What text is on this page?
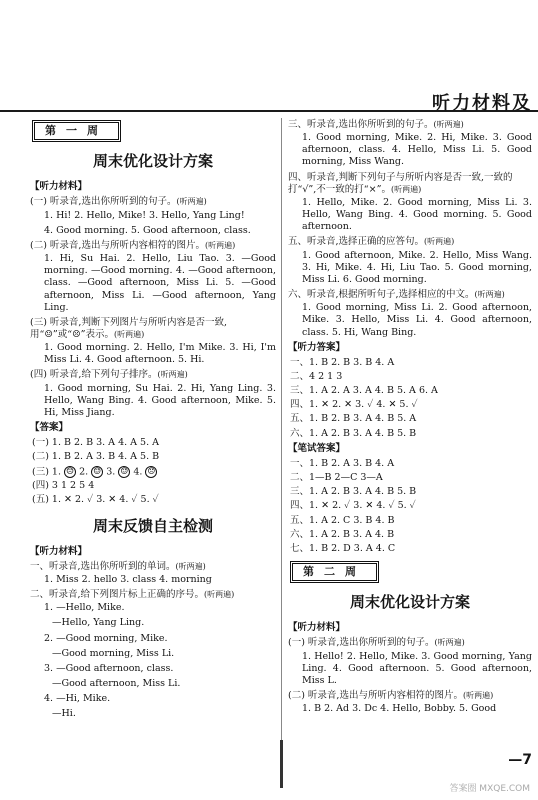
听力材料及
第一周
周末优化设计方案
【听力材料】
(一) 听录音,选出你所听到的句子。(听两遍)
1. Hi! 2. Hello, Mike! 3. Hello, Yang Ling!
4. Good morning. 5. Good afternoon, class.
(二) 听录音,选出与所听内容相符的图片。(听两遍)
1. Hi, Su Hai. 2. Hello, Liu Tao. 3. —Good morning. —Good morning. 4. —Good afternoon, class. —Good afternoon, Miss Li. 5. —Good afternoon, Miss Li. —Good afternoon, Yang Ling.
(三) 听录音,判断下列图片与所听内容是否一致,用“☺”或“☹”表示。(听两遍)
1. Good morning. 2. Hello, I'm Mike. 3. Hi, I'm Miss Li. 4. Good afternoon. 5. Hi.
(四) 听录音,给下列句子排序。(听两遍)
1. Good morning, Su Hai. 2. Hi, Yang Ling. 3. Hello, Wang Bing. 4. Good afternoon, Mike. 5. Hi, Miss Jiang.
【答案】
(一) 1. B 2. B 3. A 4. A 5. A
(二) 1. B 2. A 3. B 4. A 5. B
(三) 1. ☹ 2. ☺ 3. ☺ 4. ☹
(四) 3 1 2 5 4
(五) 1. ✕ 2. ✓ 3. ✕ 4. ✓ 5. ✓
周末反馈自主检测
【听力材料】
一、听录音,选出你所听到的单词。(听两遍)
1. Miss 2. hello 3. class 4. morning
二、听录音,给下列图片标上正确的序号。(听两遍)
1. —Hello, Mike.
—Hello, Yang Ling.
2. —Good morning, Mike.
—Good morning, Miss Li.
3. —Good afternoon, class.
—Good afternoon, Miss Li.
4. —Hi, Mike.
—Hi.
三、听录音,选出你所听到的句子。(听两遍)
1. Good morning, Mike. 2. Hi, Mike. 3. Good afternoon, class. 4. Hello, Miss Li. 5. Good morning, Miss Wang.
四、听录音,判断下列句子与所听内容是否一致,一致的打“√”,不一致的打“×”。(听两遍)
1. Hello, Mike. 2. Good morning, Miss Li. 3. Hello, Wang Bing. 4. Good morning. 5. Good afternoon.
五、听录音,选择正确的应答句。(听两遍)
1. Good afternoon, Mike. 2. Hello, Miss Wang. 3. Hi, Mike. 4. Hi, Liu Tao. 5. Good morning, Miss Li. 6. Good morning.
六、听录音,根据所听句子,选择相应的中文。(听两遍)
1. Good morning, Miss Li. 2. Good afternoon, Mike. 3. Hello, Miss Li. 4. Good afternoon, class. 5. Hi, Wang Bing.
【听力答案】
一、1. B 2. B 3. B 4. A
二、4 2 1 3
三、1. A 2. A 3. A 4. B 5. A 6. A
四、1. ✕ 2. ✕ 3. ✓ 4. ✕ 5. ✓
五、1. B 2. B 3. A 4. B 5. A
六、1. A 2. B 3. A 4. B 5. B
【笔试答案】
一、1. B 2. A 3. B 4. A
二、1—B 2—C 3—A
三、1. A 2. B 3. A 4. B 5. B
四、1. ✕ 2. ✓ 3. ✕ 4. ✓ 5. ✓
五、1. A 2. C 3. B 4. B
六、1. A 2. B 3. A 4. B
七、1. B 2. D 3. A 4. C
第二周
周末优化设计方案
【听力材料】
(一) 听录音,选出你所听到的句子。(听两遍)
1. Hello! 2. Hello, Mike. 3. Good morning, Yang Ling. 4. Good afternoon. 5. Good afternoon, Miss L.
(二) 听录音,选出与所听内容相符的图片。(听两遍)
1. B 2. Ad 3. Dc 4. Hello, Bobby. 5. Good
—7
答案圈 MXQE.COM
